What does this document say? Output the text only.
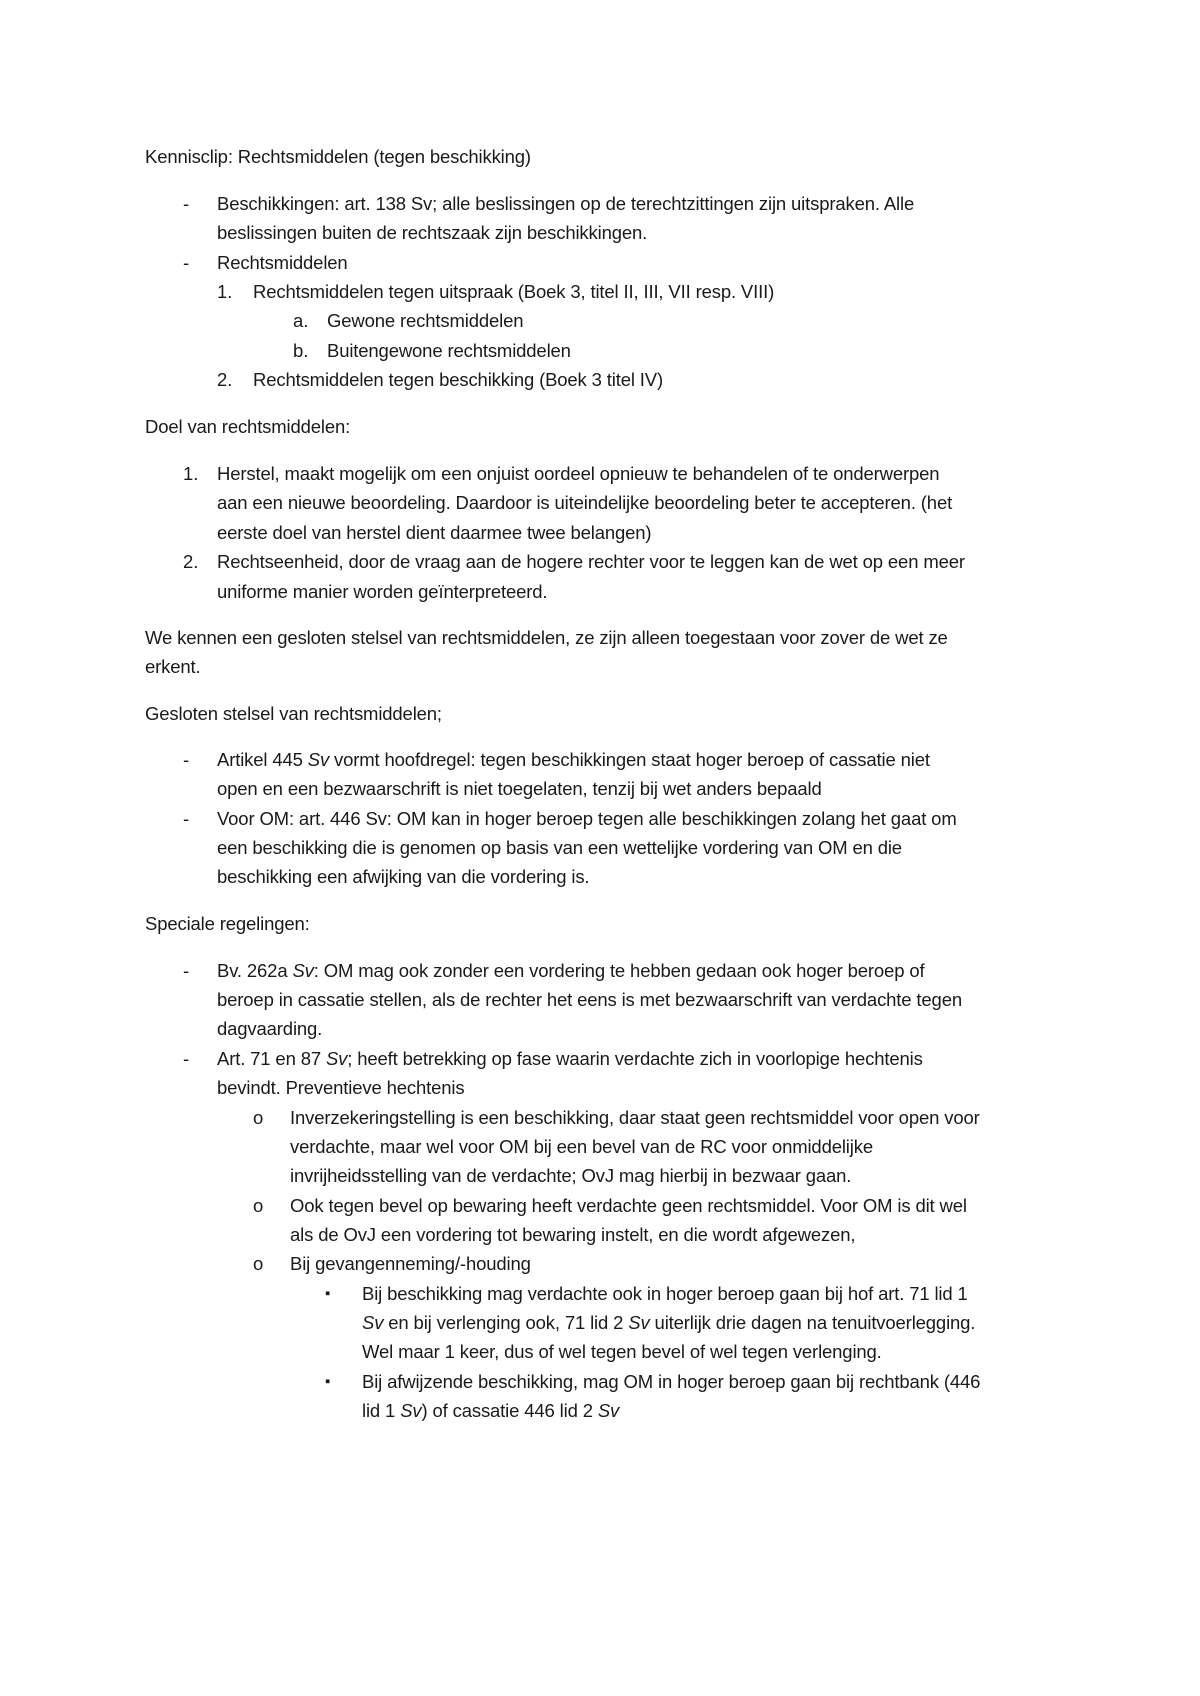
Kennisclip: Rechtsmiddelen (tegen beschikking)
- Beschikkingen: art. 138 Sv; alle beslissingen op de terechtzittingen zijn uitspraken. Alle
beslissingen buiten de rechtszaak zijn beschikkingen.
- Rechtsmiddelen
1. Rechtsmiddelen tegen uitspraak (Boek 3, titel II, III, VII resp. VIII)
a. Gewone rechtsmiddelen
b. Buitengewone rechtsmiddelen
2. Rechtsmiddelen tegen beschikking (Boek 3 titel IV)
Doel van rechtsmiddelen:
1. Herstel, maakt mogelijk om een onjuist oordeel opnieuw te behandelen of te onderwerpen
aan een nieuwe beoordeling. Daardoor is uiteindelijke beoordeling beter te accepteren. (het
eerste doel van herstel dient daarmee twee belangen)
2. Rechtseenheid, door de vraag aan de hogere rechter voor te leggen kan de wet op een meer
uniforme manier worden geïnterpreteerd.
We kennen een gesloten stelsel van rechtsmiddelen, ze zijn alleen toegestaan voor zover de wet ze
erkent.
Gesloten stelsel van rechtsmiddelen;
- Artikel 445 Sv vormt hoofdregel: tegen beschikkingen staat hoger beroep of cassatie niet
open en een bezwaarschrift is niet toegelaten, tenzij bij wet anders bepaald
- Voor OM: art. 446 Sv: OM kan in hoger beroep tegen alle beschikkingen zolang het gaat om
een beschikking die is genomen op basis van een wettelijke vordering van OM en die
beschikking een afwijking van die vordering is.
Speciale regelingen:
- Bv. 262a Sv: OM mag ook zonder een vordering te hebben gedaan ook hoger beroep of
beroep in cassatie stellen, als de rechter het eens is met bezwaarschrift van verdachte tegen
dagvaarding.
- Art. 71 en 87 Sv; heeft betrekking op fase waarin verdachte zich in voorlopige hechtenis
bevindt. Preventieve hechtenis
o Inverzekeringstelling is een beschikking, daar staat geen rechtsmiddel voor open voor
verdachte, maar wel voor OM bij een bevel van de RC voor onmiddelijke
invrijheidsstelling van de verdachte; OvJ mag hierbij in bezwaar gaan.
o Ook tegen bevel op bewaring heeft verdachte geen rechtsmiddel. Voor OM is dit wel
als de OvJ een vordering tot bewaring instelt, en die wordt afgewezen,
o Bij gevangenneming/-houding
▪ Bij beschikking mag verdachte ook in hoger beroep gaan bij hof art. 71 lid 1
Sv en bij verlenging ook, 71 lid 2 Sv uiterlijk drie dagen na tenuitvoerlegging.
Wel maar 1 keer, dus of wel tegen bevel of wel tegen verlenging.
▪ Bij afwijzende beschikking, mag OM in hoger beroep gaan bij rechtbank (446
lid 1 Sv) of cassatie 446 lid 2 Sv
